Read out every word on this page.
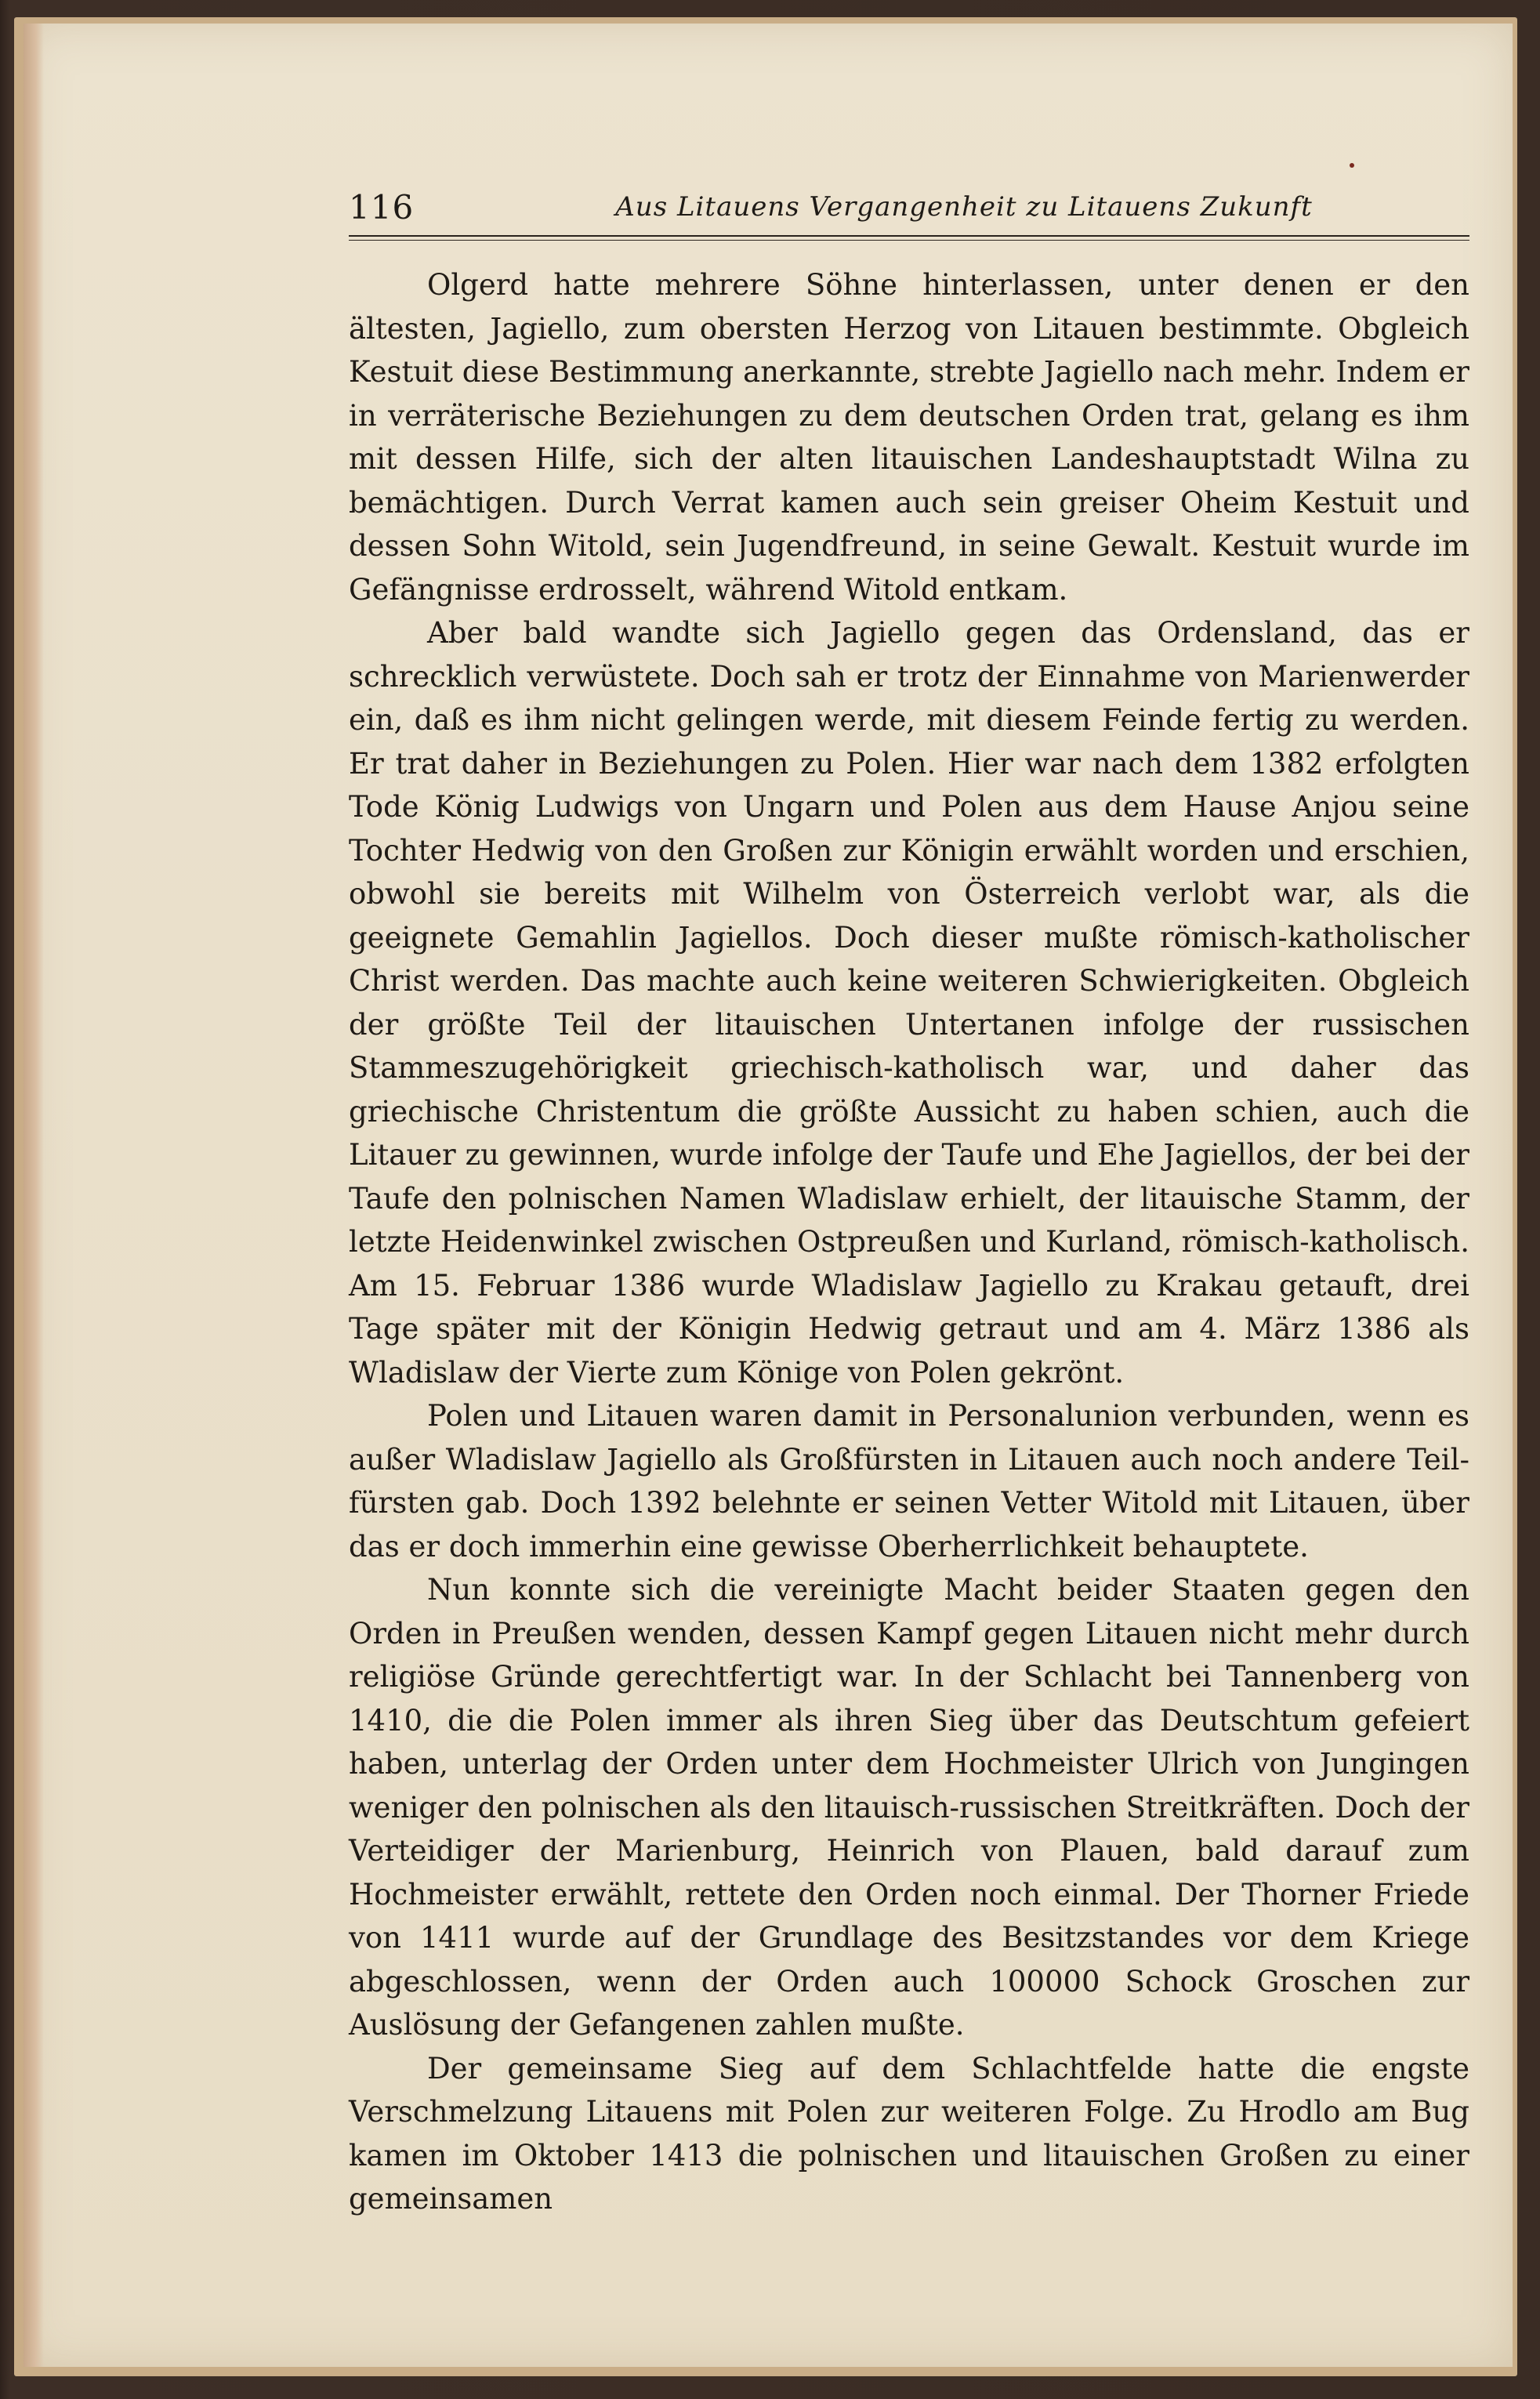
116	Aus Litauens Vergangenheit zu Litauens Zukunft

Olgerd hatte mehrere Söhne hinterlassen, unter denen er den ältesten, Jagiello, zum obersten Herzog von Litauen bestimmte. Obgleich Kestuit diese Bestimmung anerkannte, strebte Jagiello nach mehr. Indem er in verräterische Beziehungen zu dem deutschen Orden trat, gelang es ihm mit dessen Hilfe, sich der alten litauischen Landeshauptstadt Wilna zu bemächtigen. Durch Verrat kamen auch sein greiser Oheim Kestuit und dessen Sohn Witold, sein Jugendfreund, in seine Gewalt. Kestuit wurde im Gefängnisse erdrosselt, während Witold entkam.

Aber bald wandte sich Jagiello gegen das Ordensland, das er schrecklich verwüstete. Doch sah er trotz der Einnahme von Marienwerder ein, daß es ihm nicht gelingen werde, mit diesem Feinde fertig zu werden. Er trat daher in Beziehungen zu Polen. Hier war nach dem 1382 erfolgten Tode König Ludwigs von Ungarn und Polen aus dem Hause Anjou seine Tochter Hedwig von den Großen zur Königin erwählt worden und erschien, obwohl sie bereits mit Wilhelm von Österreich verlobt war, als die geeignete Gemahlin Jagiellos. Doch dieser mußte römisch-katholischer Christ werden. Das machte auch keine weiteren Schwierigkeiten. Obgleich der größte Teil der litauischen Untertanen infolge der russischen Stammeszugehörigkeit griechisch-katholisch war, und daher das griechische Christentum die größte Aussicht zu haben schien, auch die Litauer zu gewinnen, wurde infolge der Taufe und Ehe Jagiellos, der bei der Taufe den polnischen Namen Wladislaw erhielt, der litauische Stamm, der letzte Heidenwinkel zwischen Ostpreußen und Kurland, römisch-katholisch. Am 15. Februar 1386 wurde Wladislaw Jagiello zu Krakau getauft, drei Tage später mit der Königin Hedwig getraut und am 4. März 1386 als Wladislaw der Vierte zum Könige von Polen gekrönt.

Polen und Litauen waren damit in Personalunion verbunden, wenn es außer Wladislaw Jagiello als Großfürsten in Litauen auch noch andere Teilfürsten gab. Doch 1392 belehnte er seinen Vetter Witold mit Litauen, über das er doch immerhin eine gewisse Oberherrlichkeit behauptete.

Nun konnte sich die vereinigte Macht beider Staaten gegen den Orden in Preußen wenden, dessen Kampf gegen Litauen nicht mehr durch religiöse Gründe gerechtfertigt war. In der Schlacht bei Tannenberg von 1410, die die Polen immer als ihren Sieg über das Deutschtum gefeiert haben, unterlag der Orden unter dem Hochmeister Ulrich von Jungingen weniger den polnischen als den litauisch-russischen Streitkräften. Doch der Verteidiger der Marienburg, Heinrich von Plauen, bald darauf zum Hochmeister erwählt, rettete den Orden noch einmal. Der Thorner Friede von 1411 wurde auf der Grundlage des Besitzstandes vor dem Kriege abgeschlossen, wenn der Orden auch 100000 Schock Groschen zur Auslösung der Gefangenen zahlen mußte.

Der gemeinsame Sieg auf dem Schlachtfelde hatte die engste Verschmelzung Litauens mit Polen zur weiteren Folge. Zu Hrodlo am Bug kamen im Oktober 1413 die polnischen und litauischen Großen zu einer gemeinsamen
